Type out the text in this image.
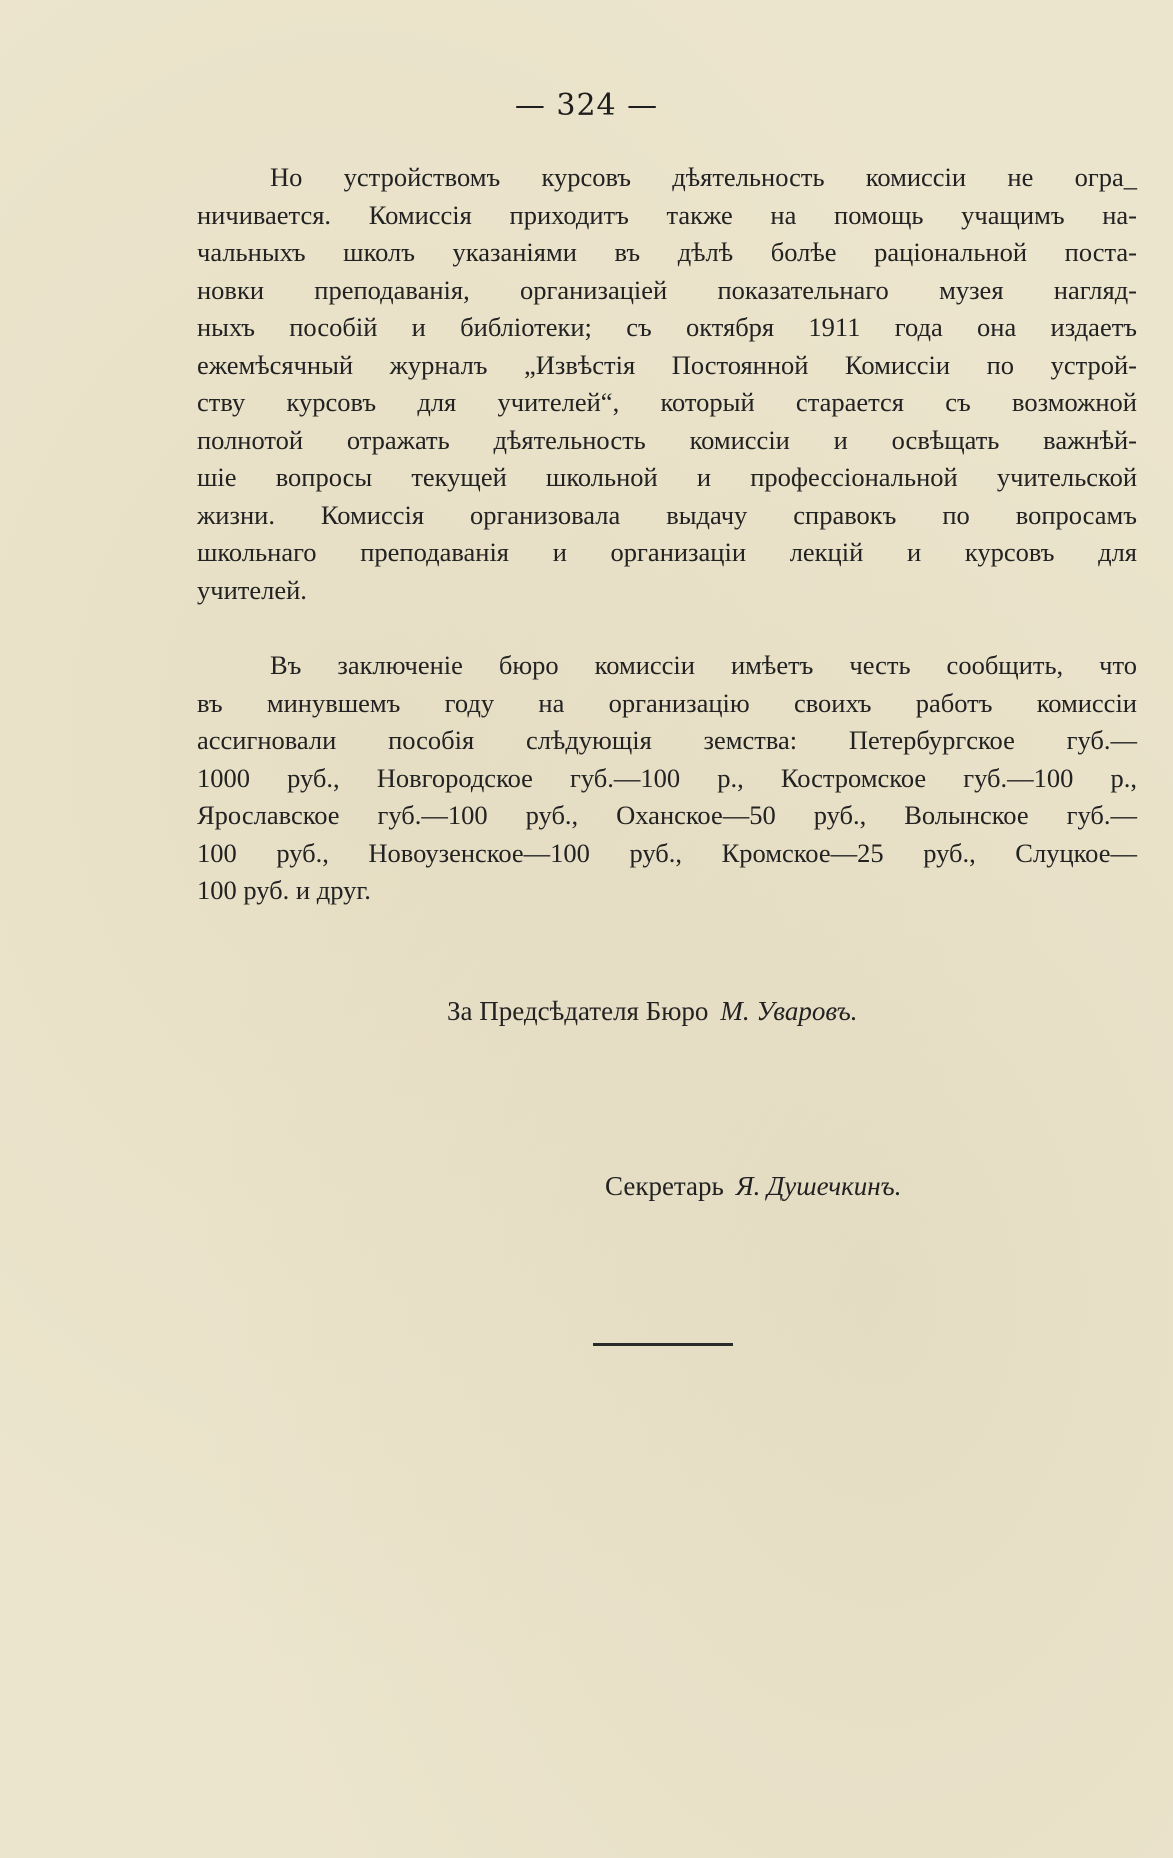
— 324 —
Но устройствомъ курсовъ дѣятельность комиссіи не огра_
ничивается. Комиссія приходитъ также на помощь учащимъ на-
чальныхъ школъ указаніями въ дѣлѣ болѣе раціональной поста-
новки преподаванія, организаціей показательнаго музея нагляд-
ныхъ пособій и библіотеки; съ октября 1911 года она издаетъ
ежемѣсячный журналъ „Извѣстія Постоянной Комиссіи по устрой-
ству курсовъ для учителей“, который старается съ возможной
полнотой отражать дѣятельность комиссіи и освѣщать важнѣй-
шіе вопросы текущей школьной и профессіональной учительской
жизни. Комиссія организовала выдачу справокъ по вопросамъ
школьнаго преподаванія и организаціи лекцій и курсовъ для
учителей.
Въ заключеніе бюро комиссіи имѣетъ честь сообщить, что
въ минувшемъ году на организацію своихъ работъ комиссіи
ассигновали пособія слѣдующія земства: Петербургское губ.—
1000 руб., Новгородское губ.—100 р., Костромское губ.—100 р.,
Ярославское губ.—100 руб., Оханское—50 руб., Волынское губ.—
100 руб., Новоузенское—100 руб., Кромское—25 руб., Слуцкое—
100 руб. и друг.
За Предсѣдателя Бюро М. Уваровъ.
Секретарь Я. Душечкинъ.
